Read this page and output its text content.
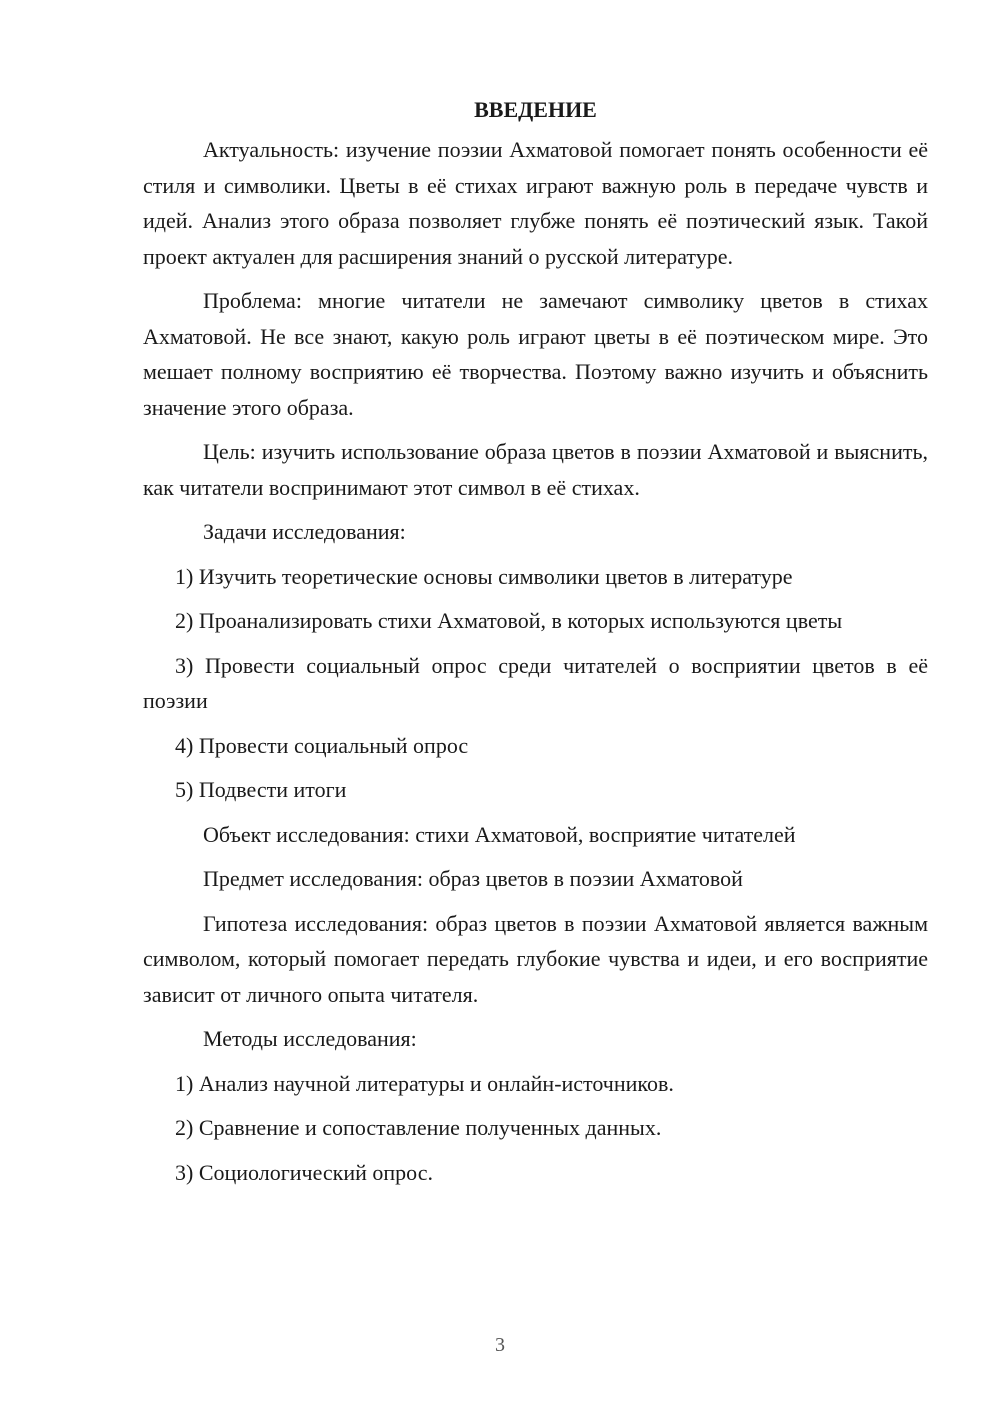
ВВЕДЕНИЕ

Актуальность: изучение поэзии Ахматовой помогает понять особенности её стиля и символики. Цветы в её стихах играют важную роль в передаче чувств и идей. Анализ этого образа позволяет глубже понять её поэтический язык. Такой проект актуален для расширения знаний о русской литературе.

Проблема: многие читатели не замечают символику цветов в стихах Ахматовой. Не все знают, какую роль играют цветы в её поэтическом мире. Это мешает полному восприятию её творчества. Поэтому важно изучить и объяснить значение этого образа.

Цель: изучить использование образа цветов в поэзии Ахматовой и выяснить, как читатели воспринимают этот символ в её стихах.

Задачи исследования:

1) Изучить теоретические основы символики цветов в литературе

2) Проанализировать стихи Ахматовой, в которых используются цветы

3) Провести социальный опрос среди читателей о восприятии цветов в её поэзии

4) Провести социальный опрос

5) Подвести итоги

Объект исследования: стихи Ахматовой, восприятие читателей

Предмет исследования: образ цветов в поэзии Ахматовой

Гипотеза исследования: образ цветов в поэзии Ахматовой является важным символом, который помогает передать глубокие чувства и идеи, и его восприятие зависит от личного опыта читателя.

Методы исследования:

1) Анализ научной литературы и онлайн-источников.

2) Сравнение и сопоставление полученных данных.

3) Социологический опрос.

3
